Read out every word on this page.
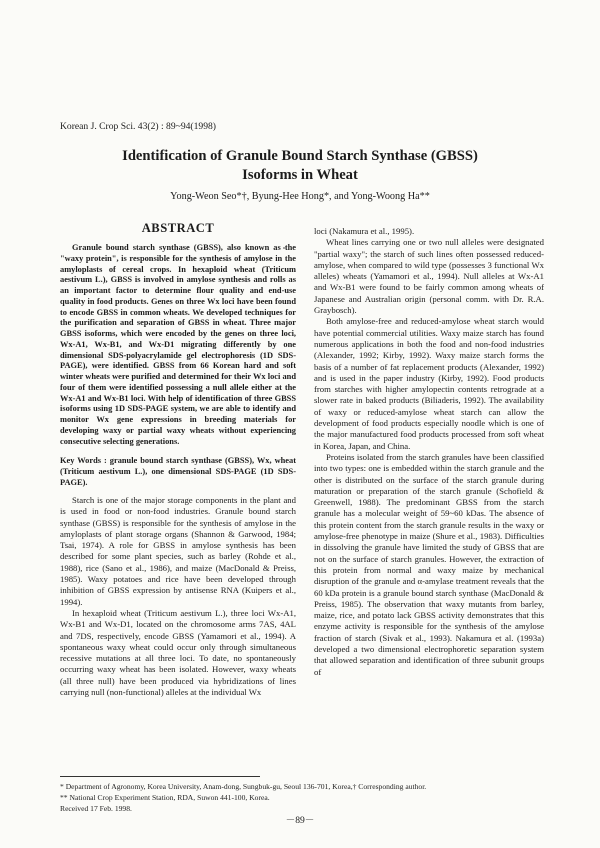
Korean J. Crop Sci. 43(2) : 89~94(1998)
Identification of Granule Bound Starch Synthase (GBSS)
Isoforms in Wheat
Yong-Weon Seo*†, Byung-Hee Hong*, and Yong-Woong Ha**
ABSTRACT

Granule bound starch synthase (GBSS), also known as the "waxy protein", is responsible for the synthesis of amylose in the amyloplasts of cereal crops. In hexaploid wheat (Triticum aestivum L.), GBSS is involved in amylose synthesis and rolls as an important factor to determine flour quality and end-use quality in food products. Genes on three Wx loci have been found to encode GBSS in common wheats. We developed techniques for the purification and separation of GBSS in wheat. Three major GBSS isoforms, which were encoded by the genes on three loci, Wx-A1, Wx-B1, and Wx-D1 migrating differently by one dimensional SDS-polyacrylamide gel electrophoresis (1D SDS-PAGE), were identified. GBSS from 66 Korean hard and soft winter wheats were purified and determined for their Wx loci and four of them were identified possessing a null allele either at the Wx-A1 and Wx-B1 loci. With help of identification of three GBSS isoforms using 1D SDS-PAGE system, we are able to identify and monitor Wx gene expressions in breeding materials for developing waxy or partial waxy wheats without experiencing consecutive selecting generations.

Key Words : granule bound starch synthase (GBSS), Wx, wheat (Triticum aestivum L.), one dimensional SDS-PAGE (1D SDS-PAGE).

Starch is one of the major storage components in the plant and is used in food or non-food industries. Granule bound starch synthase (GBSS) is responsible for the synthesis of amylose in the amyloplasts of plant storage organs (Shannon & Garwood, 1984; Tsai, 1974). A role for GBSS in amylose synthesis has been described for some plant species, such as barley (Rohde et al., 1988), rice (Sano et al., 1986), and maize (MacDonald & Preiss, 1985). Waxy potatoes and rice have been developed through inhibition of GBSS expression by antisense RNA (Kuipers et al., 1994).

In hexaploid wheat (Triticum aestivum L.), three loci Wx-A1, Wx-B1 and Wx-D1, located on the chromosome arms 7AS, 4AL and 7DS, respectively, encode GBSS (Yamamori et al., 1994). A spontaneous waxy wheat could occur only through simultaneous recessive mutations at all three loci. To date, no spontaneously occurring waxy wheat has been isolated. However, waxy wheats (all three null) have been produced via hybridizations of lines carrying null (non-functional) alleles at the individual Wx

loci (Nakamura et al., 1995).

Wheat lines carrying one or two null alleles were designated "partial waxy"; the starch of such lines often possessed reduced-amylose, when compared to wild type (possesses 3 functional Wx alleles) wheats (Yamamori et al., 1994). Null alleles at Wx-A1 and Wx-B1 were found to be fairly common among wheats of Japanese and Australian origin (personal comm. with Dr. R.A. Graybosch).

Both amylose-free and reduced-amylose wheat starch would have potential commercial utilities. Waxy maize starch has found numerous applications in both the food and non-food industries (Alexander, 1992; Kirby, 1992). Waxy maize starch forms the basis of a number of fat replacement products (Alexander, 1992) and is used in the paper industry (Kirby, 1992). Food products from starches with higher amylopectin contents retrograde at a slower rate in baked products (Biliaderis, 1992). The availability of waxy or reduced-amylose wheat starch can allow the development of food products especially noodle which is one of the major manufactured food products processed from soft wheat in Korea, Japan, and China.

Proteins isolated from the starch granules have been classified into two types: one is embedded within the starch granule and the other is distributed on the surface of the starch granule during maturation or preparation of the starch granule (Schofield & Greenwell, 1988). The predominant GBSS from the starch granule has a molecular weight of 59~60 kDas. The absence of this protein content from the starch granule results in the waxy or amylose-free phenotype in maize (Shure et al., 1983). Difficulties in dissolving the granule have limited the study of GBSS that are not on the surface of starch granules. However, the extraction of this protein from normal and waxy maize by mechanical disruption of the granule and α-amylase treatment reveals that the 60 kDa protein is a granule bound starch synthase (MacDonald & Preiss, 1985). The observation that waxy mutants from barley, maize, rice, and potato lack GBSS activity demonstrates that this enzyme activity is responsible for the synthesis of the amylose fraction of starch (Sivak et al., 1993). Nakamura et al. (1993a) developed a two dimensional electrophoretic separation system that allowed separation and identification of three subunit groups of

* Department of Agronomy, Korea University, Anam-dong, Sungbuk-gu, Seoul 136-701, Korea,† Corresponding author.
** National Crop Experiment Station, RDA, Suwon 441-100, Korea.
Received 17 Feb. 1998.
－89－
